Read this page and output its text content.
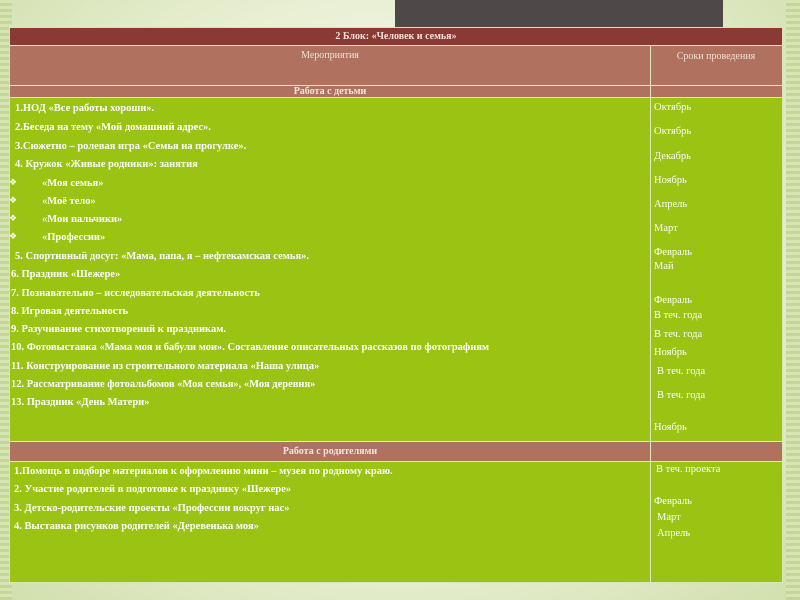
2 Блок: «Человек и семья»
Мероприятия	Сроки проведения
Работа с детьми
1.НОД «Все работы хороши».
2.Беседа на тему «Мой домашний адрес».
3.Сюжетно – ролевая игра «Семья на прогулке».
4. Кружок «Живые родники»: занятия
❖ «Моя семья»
❖ «Моё тело»
❖ «Мои пальчики»
❖ «Профессии»
5. Спортивный досуг: «Мама, папа, я – нефтекамская семья».
6. Праздник «Шежере»
7. Познавательно – исследовательская деятельность
8. Игровая деятельность
9. Разучивание стихотворений к праздникам.
10. Фотовыставка «Мама моя и бабули мои». Составление описательных рассказов по фотографиям
11. Конструирование из строительного материала «Наша улица»
12. Рассматривание фотоальбомов «Моя семья», «Моя деревня»
13. Праздник «День Матери»
Октябрь
Октябрь
Декабрь
Ноябрь
Апрель
Март
Февраль
Май
Февраль
В теч. года
В теч. года
Ноябрь
В теч. года
В теч. года
Ноябрь
Работа с родителями
1.Помощь в подборе материалов к оформлению мини – музея по родному краю.
2. Участие родителей в подготовке к празднику «Шежере»
3. Детско-родительские проекты «Профессии вокруг нас»
4. Выставка рисунков родителей «Деревенька моя»
В теч. проекта
Февраль
Март
Апрель
